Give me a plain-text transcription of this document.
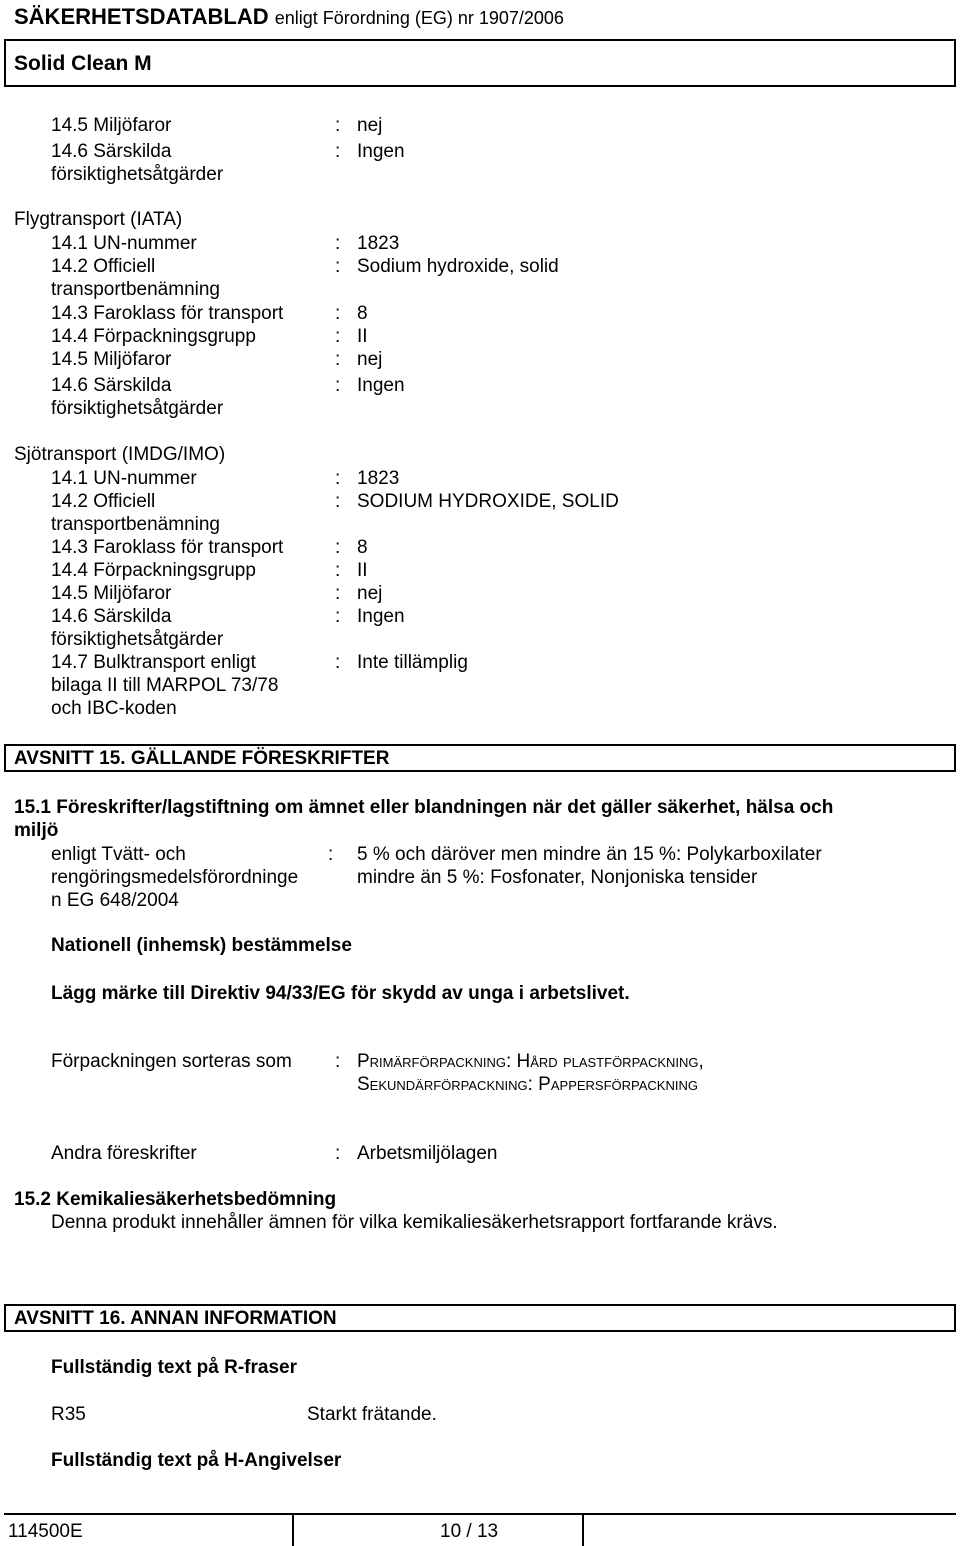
SÄKERHETSDATABLAD enligt Förordning (EG) nr 1907/2006
Solid Clean M
14.5 Miljöfaror	: nej
14.6 Särskilda
försiktighetsåtgärder
: Ingen
Flygtransport (IATA)
14.1 UN-nummer	: 1823
14.2 Officiell
transportbenämning
: Sodium hydroxide, solid
14.3 Faroklass för transport	: 8
14.4 Förpackningsgrupp	: II
14.5 Miljöfaror	: nej
14.6 Särskilda
försiktighetsåtgärder
: Ingen
Sjötransport (IMDG/IMO)
14.1 UN-nummer	: 1823
14.2 Officiell
transportbenämning
: SODIUM HYDROXIDE, SOLID
14.3 Faroklass för transport	: 8
14.4 Förpackningsgrupp	: II
14.5 Miljöfaror	: nej
14.6 Särskilda
försiktighetsåtgärder
: Ingen
14.7 Bulktransport enligt
bilaga II till MARPOL 73/78
och IBC-koden
: Inte tillämplig
AVSNITT 15. GÄLLANDE FÖRESKRIFTER
15.1 Föreskrifter/lagstiftning om ämnet eller blandningen när det gäller säkerhet, hälsa och
miljö
enligt Tvätt- och
rengöringsmedelsförordninge
n EG 648/2004
: 5 % och däröver men mindre än 15 %: Polykarboxilater
mindre än 5 %: Fosfonater, Nonjoniska tensider
Nationell (inhemsk) bestämmelse
Lägg märke till Direktiv 94/33/EG för skydd av unga i arbetslivet.
Förpackningen sorteras som : Primärförpackning: Hård plastförpackning,
Sekundärförpackning: Pappersförpackning
Andra föreskrifter	: Arbetsmiljölagen
15.2 Kemikaliesäkerhetsbedömning
Denna produkt innehåller ämnen för vilka kemikaliesäkerhetsrapport fortfarande krävs.
AVSNITT 16. ANNAN INFORMATION
Fullständig text på R-fraser
R35	Starkt frätande.
Fullständig text på H-Angivelser
114500E	10 / 13
